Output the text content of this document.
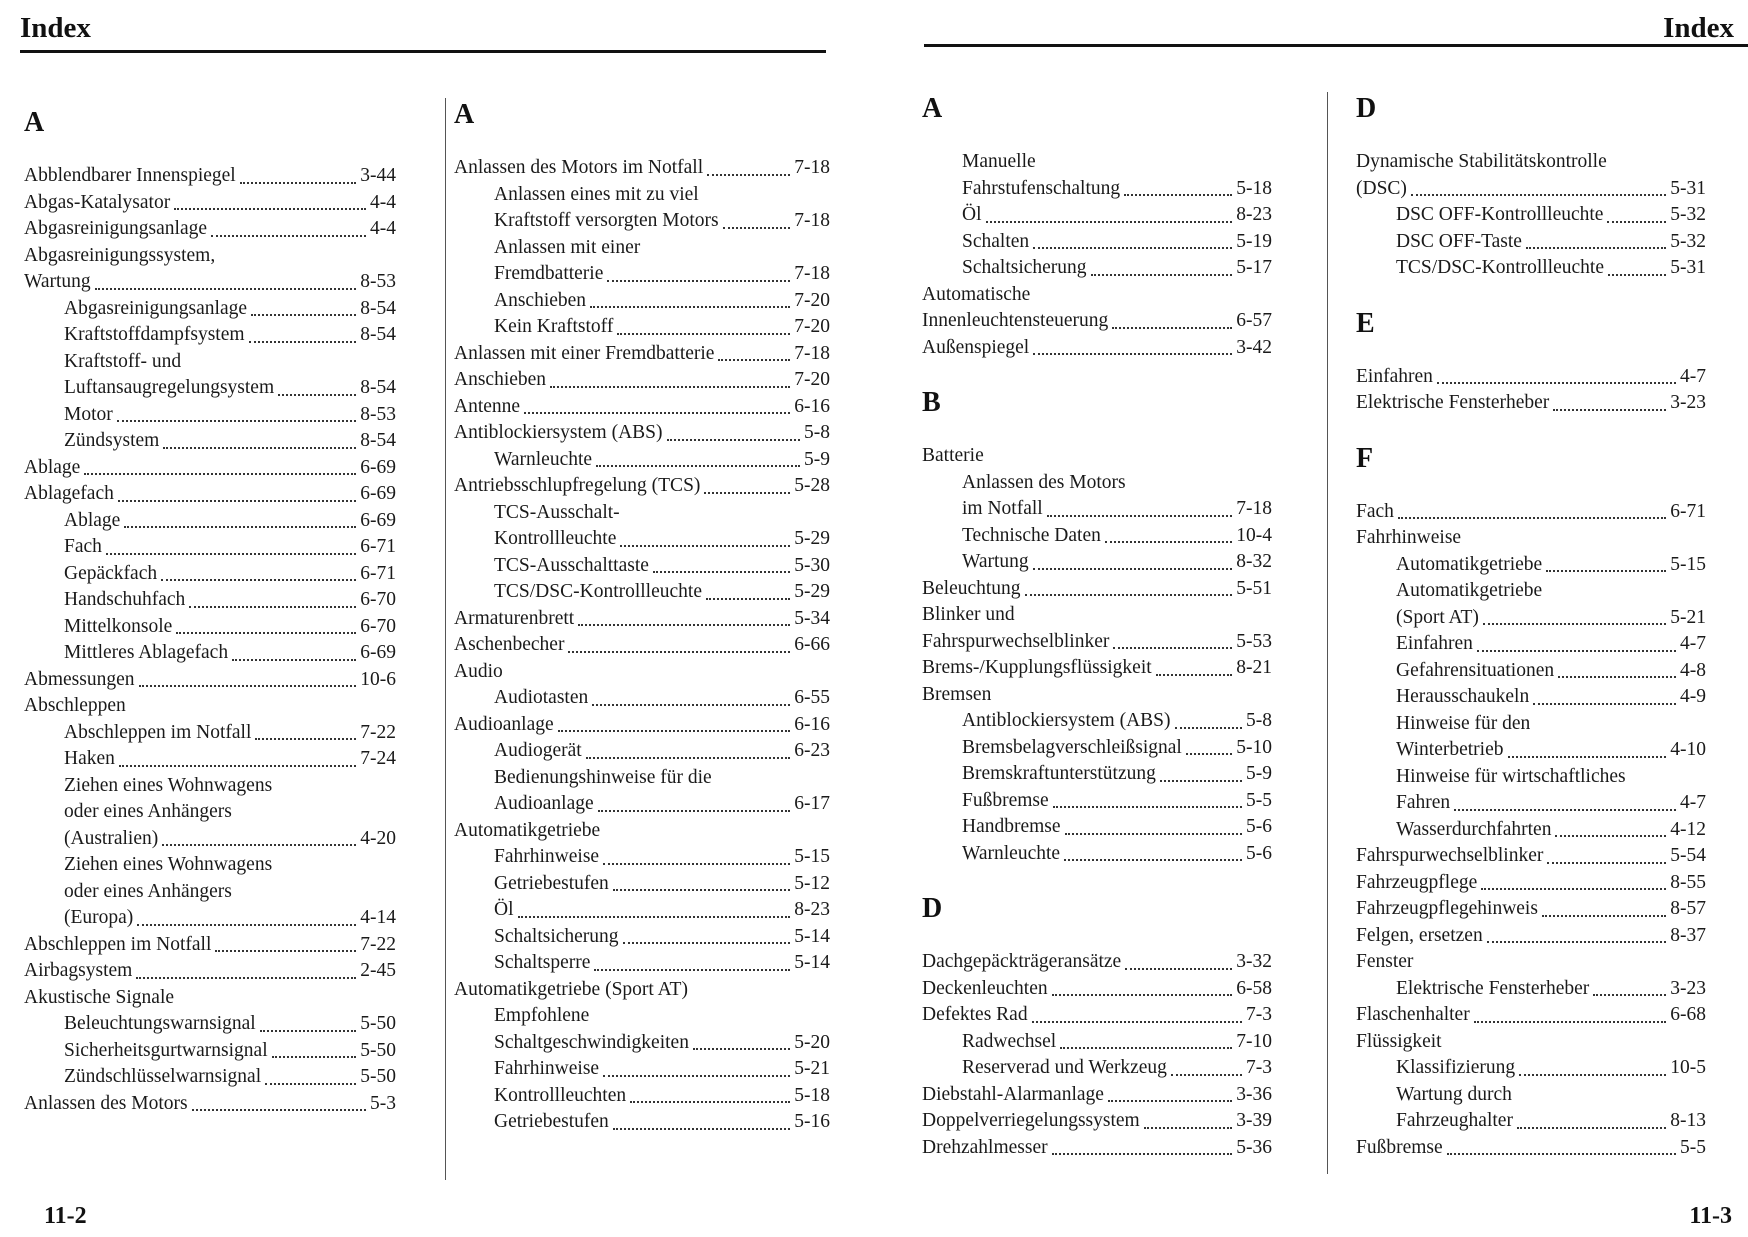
Index
A
Abblendbarer Innenspiegel	3-44
Abgas-Katalysator	4-4
Abgasreinigungsanlage	4-4
Abgasreinigungssystem,
Wartung	8-53
Abgasreinigungsanlage	8-54
Kraftstoffdampfsystem	8-54
Kraftstoff- und
Luftansaugregelungsystem	8-54
Motor	8-53
Zündsystem	8-54
Ablage	6-69
Ablagefach	6-69
Ablage	6-69
Fach	6-71
Gepäckfach	6-71
Handschuhfach	6-70
Mittelkonsole	6-70
Mittleres Ablagefach	6-69
Abmessungen	10-6
Abschleppen
Abschleppen im Notfall	7-22
Haken	7-24
Ziehen eines Wohnwagens
oder eines Anhängers
(Australien)	4-20
Ziehen eines Wohnwagens
oder eines Anhängers
(Europa)	4-14
Abschleppen im Notfall	7-22
Airbagsystem	2-45
Akustische Signale
Beleuchtungswarnsignal	5-50
Sicherheitsgurtwarnsignal	5-50
Zündschlüsselwarnsignal	5-50
Anlassen des Motors	5-3
A
Anlassen des Motors im Notfall	7-18
Anlassen eines mit zu viel
Kraftstoff versorgten Motors	7-18
Anlassen mit einer
Fremdbatterie	7-18
Anschieben	7-20
Kein Kraftstoff	7-20
Anlassen mit einer Fremdbatterie	7-18
Anschieben	7-20
Antenne	6-16
Antiblockiersystem (ABS)	5-8
Warnleuchte	5-9
Antriebsschlupfregelung (TCS)	5-28
TCS-Ausschalt-
Kontrollleuchte	5-29
TCS-Ausschalttaste	5-30
TCS/DSC-Kontrollleuchte	5-29
Armaturenbrett	5-34
Aschenbecher	6-66
Audio
Audiotasten	6-55
Audioanlage	6-16
Audiogerät	6-23
Bedienungshinweise für die
Audioanlage	6-17
Automatikgetriebe
Fahrhinweise	5-15
Getriebestufen	5-12
Öl	8-23
Schaltsicherung	5-14
Schaltsperre	5-14
Automatikgetriebe (Sport AT)
Empfohlene
Schaltgeschwindigkeiten	5-20
Fahrhinweise	5-21
Kontrollleuchten	5-18
Getriebestufen	5-16
11-2
Index
A
Manuelle
Fahrstufenschaltung	5-18
Öl	8-23
Schalten	5-19
Schaltsicherung	5-17
Automatische
Innenleuchtensteuerung	6-57
Außenspiegel	3-42
B
Batterie
Anlassen des Motors
im Notfall	7-18
Technische Daten	10-4
Wartung	8-32
Beleuchtung	5-51
Blinker und
Fahrspurwechselblinker	5-53
Brems-/Kupplungsflüssigkeit	8-21
Bremsen
Antiblockiersystem (ABS)	5-8
Bremsbelagverschleißsignal	5-10
Bremskraftunterstützung	5-9
Fußbremse	5-5
Handbremse	5-6
Warnleuchte	5-6
D
Dachgepäckträgeransätze	3-32
Deckenleuchten	6-58
Defektes Rad	7-3
Radwechsel	7-10
Reserverad und Werkzeug	7-3
Diebstahl-Alarmanlage	3-36
Doppelverriegelungssystem	3-39
Drehzahlmesser	5-36
D
Dynamische Stabilitätskontrolle
(DSC)	5-31
DSC OFF-Kontrollleuchte	5-32
DSC OFF-Taste	5-32
TCS/DSC-Kontrollleuchte	5-31
E
Einfahren	4-7
Elektrische Fensterheber	3-23
F
Fach	6-71
Fahrhinweise
Automatikgetriebe	5-15
Automatikgetriebe
(Sport AT)	5-21
Einfahren	4-7
Gefahrensituationen	4-8
Herausschaukeln	4-9
Hinweise für den
Winterbetrieb	4-10
Hinweise für wirtschaftliches
Fahren	4-7
Wasserdurchfahrten	4-12
Fahrspurwechselblinker	5-54
Fahrzeugpflege	8-55
Fahrzeugpflegehinweis	8-57
Felgen, ersetzen	8-37
Fenster
Elektrische Fensterheber	3-23
Flaschenhalter	6-68
Flüssigkeit
Klassifizierung	10-5
Wartung durch
Fahrzeughalter	8-13
Fußbremse	5-5
11-3
